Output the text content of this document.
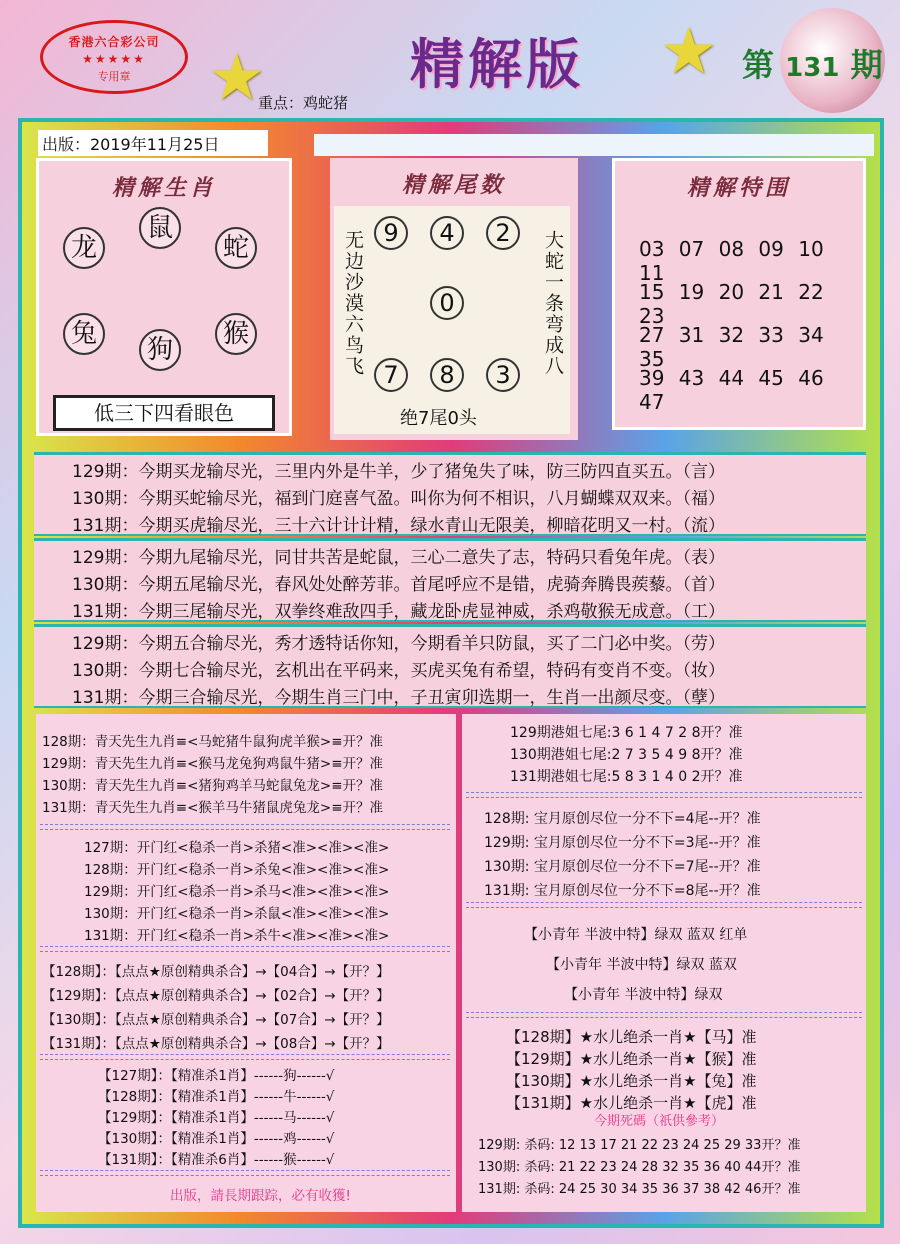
香港六合彩公司
★★★★★
专用章	★	★
精解版	第 131 期
重点：鸡蛇猪
出版：2019年11月25日
精解生肖
龙
鼠
蛇
兔
狗
猴
低三下四看眼色
精解尾数
无边沙漠六鸟飞	大蛇一条弯成八
9	4	2
0
7	8	3
绝7尾0头
精解特围
03 07 08 09 10 11
15 19 20 21 22 23
27 31 32 33 34 35
39 43 44 45 46 47
129期：今期买龙输尽光，三里内外是牛羊，少了猪兔失了味，防三防四直买五。（言）
130期：今期买蛇输尽光，福到门庭喜气盈。叫你为何不相识，八月蝴蝶双双来。（福）
131期：今期买虎输尽光，三十六计计计精，绿水青山无限美，柳暗花明又一村。（流）
129期：今期九尾输尽光，同甘共苦是蛇鼠，三心二意失了志，特码只看兔年虎。（表）
130期：今期五尾输尽光，春风处处醉芳菲。首尾呼应不是错，虎骑奔腾畏蒺藜。（首）
131期：今期三尾输尽光，双拳终难敌四手，藏龙卧虎显神威，杀鸡敬猴无成意。（工）
129期：今期五合输尽光，秀才透特话你知，今期看羊只防鼠，买了二门必中奖。（劳）
130期：今期七合输尽光，玄机出在平码来，买虎买兔有希望，特码有变肖不变。（妆）
131期：今期三合输尽光，今期生肖三门中，子丑寅卯选期一，生肖一出颜尽变。（孽）
128期：青天先生九肖≡<马蛇猪牛鼠狗虎羊猴>≡开？准
129期：青天先生九肖≡<猴马龙兔狗鸡鼠牛猪>≡开？准
130期：青天先生九肖≡<猪狗鸡羊马蛇鼠兔龙>≡开？准
131期：青天先生九肖≡<猴羊马牛猪鼠虎兔龙>≡开？准
127期：开门红<稳杀一肖>杀猪<准><准><准>
128期：开门红<稳杀一肖>杀兔<准><准><准>
129期：开门红<稳杀一肖>杀马<准><准><准>
130期：开门红<稳杀一肖>杀鼠<准><准><准>
131期：开门红<稳杀一肖>杀牛<准><准><准>
【128期】：【点点★原创精典杀合】→【04合】→【开？】
【129期】：【点点★原创精典杀合】→【02合】→【开？】
【130期】：【点点★原创精典杀合】→【07合】→【开？】
【131期】：【点点★原创精典杀合】→【08合】→【开？】
【127期】：【精准杀1肖】------狗------√
【128期】：【精准杀1肖】------牛------√
【129期】：【精准杀1肖】------马------√
【130期】：【精准杀1肖】------鸡------√
【131期】：【精准杀6肖】------猴------√
出版，請長期跟踪，必有收獲!
129期港姐七尾:3 6 1 4 7 2 8开？准
130期港姐七尾:2 7 3 5 4 9 8开？准
131期港姐七尾:5 8 3 1 4 0 2开？准
128期: 宝月原创尽位一分不下=4尾--开？准
129期: 宝月原创尽位一分不下=3尾--开？准
130期: 宝月原创尽位一分不下=7尾--开？准
131期: 宝月原创尽位一分不下=8尾--开？准
【小青年 半波中特】绿双 蓝双 红单
【小青年 半波中特】绿双 蓝双
【小青年 半波中特】绿双
【128期】★水儿绝杀一肖★【马】准
【129期】★水儿绝杀一肖★【猴】准
【130期】★水儿绝杀一肖★【兔】准
【131期】★水儿绝杀一肖★【虎】准
今期死碼（祇供參考）
129期: 杀码: 12 13 17 21 22 23 24 25 29 33开？准
130期: 杀码: 21 22 23 24 28 32 35 36 40 44开？准
131期: 杀码: 24 25 30 34 35 36 37 38 42 46开？准
